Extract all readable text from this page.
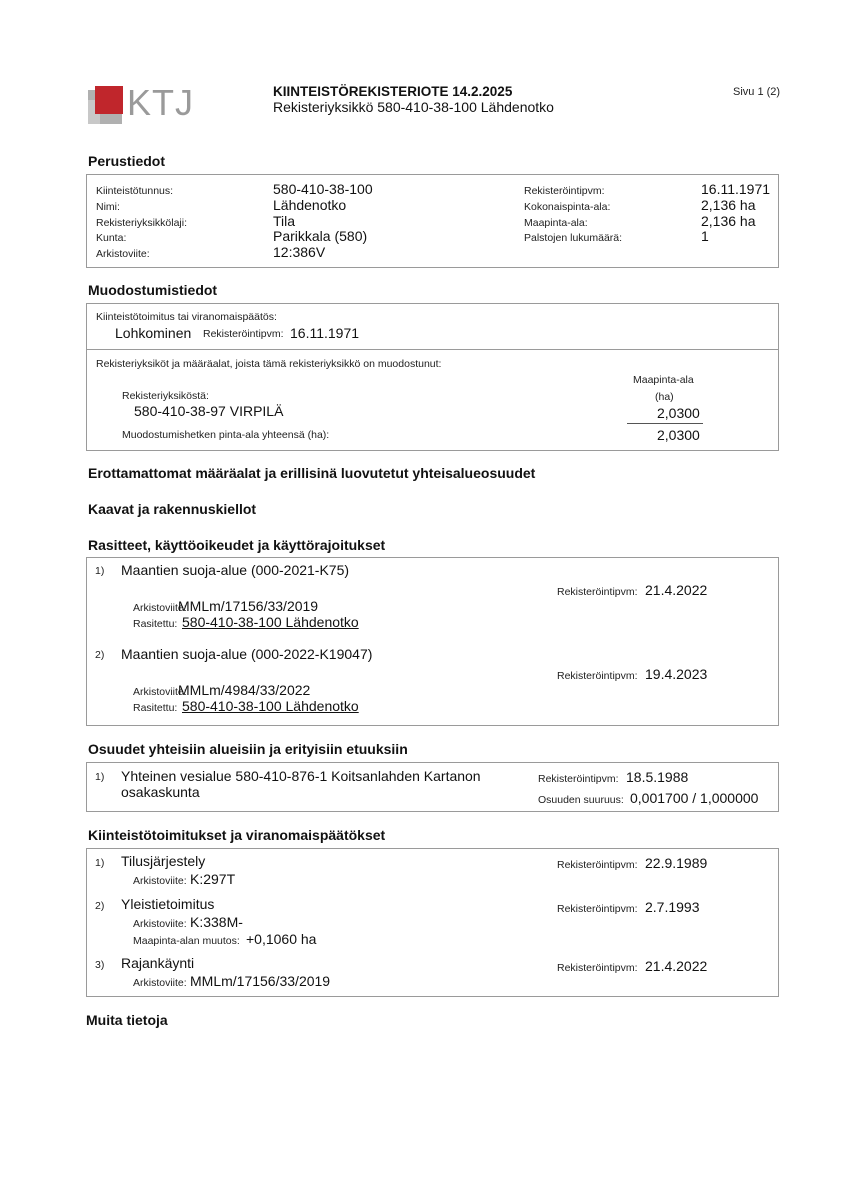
KTJ	KIINTEISTÖREKISTERIOTE 14.2.2025
Rekisteriyksikkö 580-410-38-100 Lähdenotko
Sivu 1 (2)
Perustiedot
Kiinteistötunnus:	580-410-38-100
Nimi:	Lähdenotko
Rekisteriyksikkölaji:	Tila
Kunta:	Parikkala (580)
Arkistoviite:	12:386V
Rekisteröintipvm:	16.11.1971
Kokonaispinta-ala:	2,136 ha
Maapinta-ala:	2,136 ha
Palstojen lukumäärä:	1
Muodostumistiedot
Kiinteistötoimitus tai viranomaispäätös:
Lohkominen Rekisteröintipvm: 16.11.1971
Rekisteriyksiköt ja määräalat, joista tämä rekisteriyksikkö on muodostunut:
Maapinta-ala
(ha)
Rekisteriyksiköstä:
580-410-38-97 VIRPILÄ	2,0300
Muodostumishetken pinta-ala yhteensä (ha):	2,0300
Erottamattomat määräalat ja erillisinä luovutetut yhteisalueosuudet
Kaavat ja rakennuskiellot
Rasitteet, käyttöoikeudet ja käyttörajoitukset
1) Maantien suoja-alue (000-2021-K75)
Rekisteröintipvm: 21.4.2022
Arkistoviite:
MMLm/17156/33/2019
Rasitettu: 580-410-38-100 Lähdenotko
2) Maantien suoja-alue (000-2022-K19047)
Rekisteröintipvm: 19.4.2023
Arkistoviite:
MMLm/4984/33/2022
Rasitettu: 580-410-38-100 Lähdenotko
Osuudet yhteisiin alueisiin ja erityisiin etuuksiin
1) Yhteinen vesialue 580-410-876-1 Koitsanlahden Kartanon
osakaskunta
Rekisteröintipvm: 18.5.1988
Osuuden suuruus: 0,001700 / 1,000000
Kiinteistötoimitukset ja viranomaispäätökset
1) Tilusjärjestely	Rekisteröintipvm: 22.9.1989
Arkistoviite: K:297T
2) Yleistietoimitus	Rekisteröintipvm: 2.7.1993
Arkistoviite: K:338M-
Maapinta-alan muutos: +0,1060 ha
3) Rajankäynti	Rekisteröintipvm: 21.4.2022
Arkistoviite: MMLm/17156/33/2019
Muita tietoja
